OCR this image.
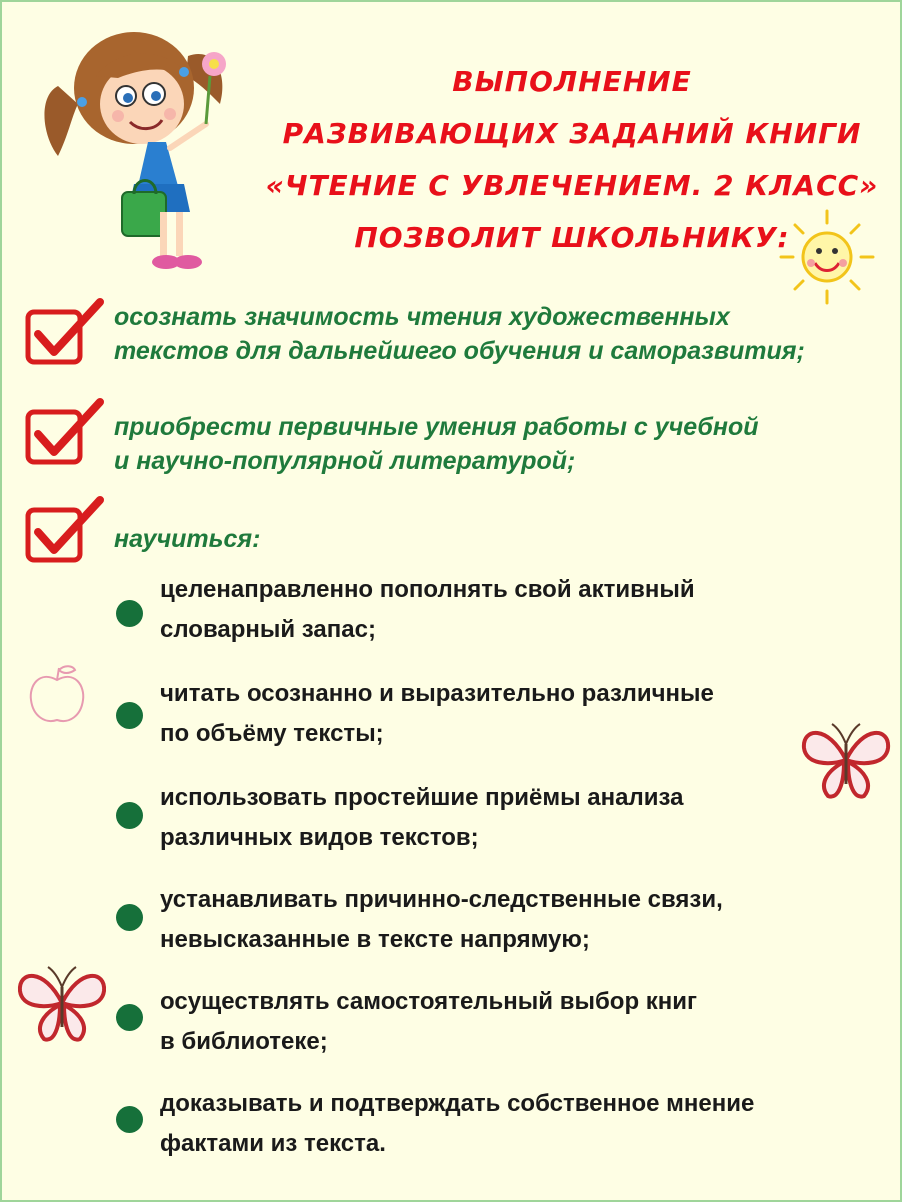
ВЫПОЛНЕНИЕ
РАЗВИВАЮЩИХ ЗАДАНИЙ КНИГИ
«ЧТЕНИЕ С УВЛЕЧЕНИЕМ. 2 КЛАСС»
ПОЗВОЛИТ ШКОЛЬНИКУ:
осознать значимость чтения художественных
текстов для дальнейшего обучения и саморазвития;
приобрести первичные умения работы с учебной
и научно-популярной литературой;
научиться:
целенаправленно пополнять свой активный
словарный запас;
читать осознанно и выразительно различные
по объёму тексты;
использовать простейшие приёмы анализа
различных видов текстов;
устанавливать причинно-следственные связи,
невысказанные в тексте напрямую;
осуществлять самостоятельный выбор книг
в библиотеке;
доказывать и подтверждать собственное мнение
фактами из текста.
